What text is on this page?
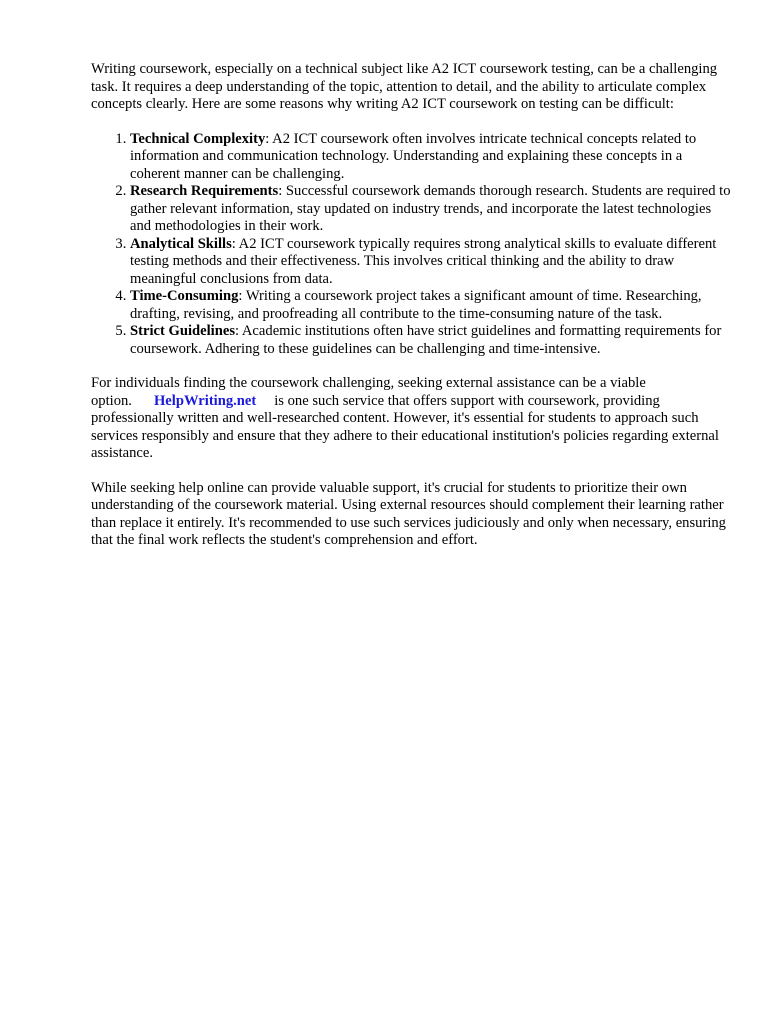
Writing coursework, especially on a technical subject like A2 ICT coursework testing, can be a challenging task. It requires a deep understanding of the topic, attention to detail, and the ability to articulate complex concepts clearly. Here are some reasons why writing A2 ICT coursework on testing can be difficult:

1. Technical Complexity: A2 ICT coursework often involves intricate technical concepts related to information and communication technology. Understanding and explaining these concepts in a coherent manner can be challenging.
2. Research Requirements: Successful coursework demands thorough research. Students are required to gather relevant information, stay updated on industry trends, and incorporate the latest technologies and methodologies in their work.
3. Analytical Skills: A2 ICT coursework typically requires strong analytical skills to evaluate different testing methods and their effectiveness. This involves critical thinking and the ability to draw meaningful conclusions from data.
4. Time-Consuming: Writing a coursework project takes a significant amount of time. Researching, drafting, revising, and proofreading all contribute to the time-consuming nature of the task.
5. Strict Guidelines: Academic institutions often have strict guidelines and formatting requirements for coursework. Adhering to these guidelines can be challenging and time-intensive.

For individuals finding the coursework challenging, seeking external assistance can be a viable option. HelpWriting.net is one such service that offers support with coursework, providing professionally written and well-researched content. However, it's essential for students to approach such services responsibly and ensure that they adhere to their educational institution's policies regarding external assistance.

While seeking help online can provide valuable support, it's crucial for students to prioritize their own understanding of the coursework material. Using external resources should complement their learning rather than replace it entirely. It's recommended to use such services judiciously and only when necessary, ensuring that the final work reflects the student's comprehension and effort.
